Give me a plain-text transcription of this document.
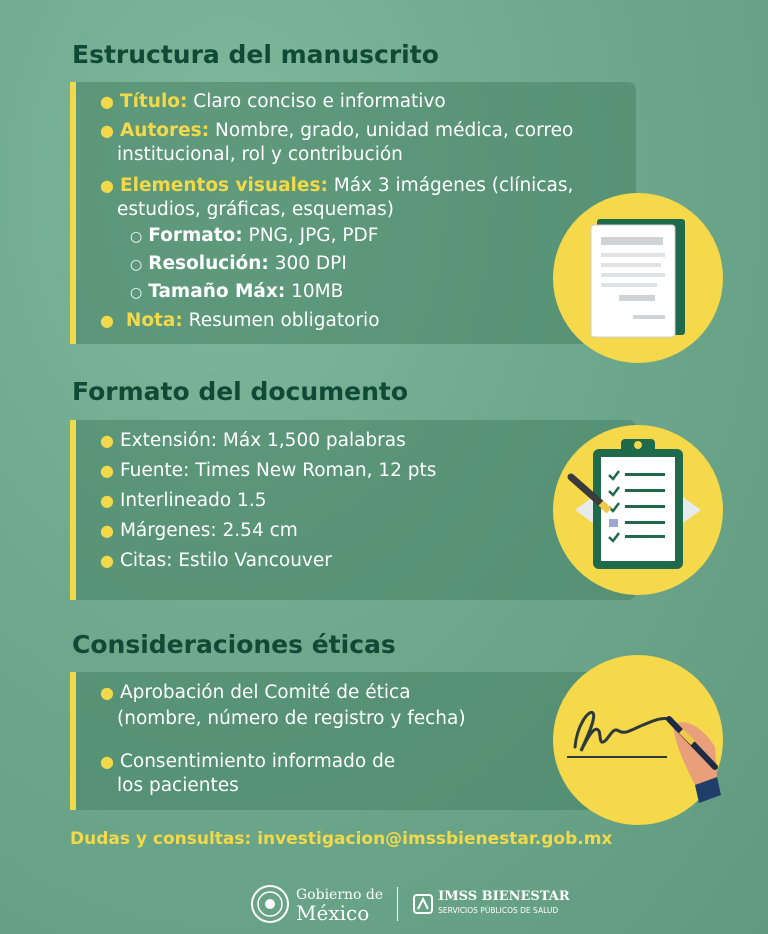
Estructura del manuscrito
● Título: Claro conciso e informativo
● Autores: Nombre, grado, unidad médica, correo
institucional, rol y contribución
● Elementos visuales: Máx 3 imágenes (clínicas,
estudios, gráficas, esquemas)
○ Formato: PNG, JPG, PDF
○ Resolución: 300 DPI
○ Tamaño Máx: 10MB
● Nota: Resumen obligatorio
Formato del documento
● Extensión: Máx 1,500 palabras
● Fuente: Times New Roman, 12 pts
● Interlineado 1.5
● Márgenes: 2.54 cm
● Citas: Estilo Vancouver
Consideraciones éticas
● Aprobación del Comité de ética
(nombre, número de registro y fecha)
● Consentimiento informado de
los pacientes
Dudas y consultas: investigacion@imssbienestar.gob.mx
Gobierno de
México
IMSS BIENESTAR
SERVICIOS PÚBLICOS DE SALUD
